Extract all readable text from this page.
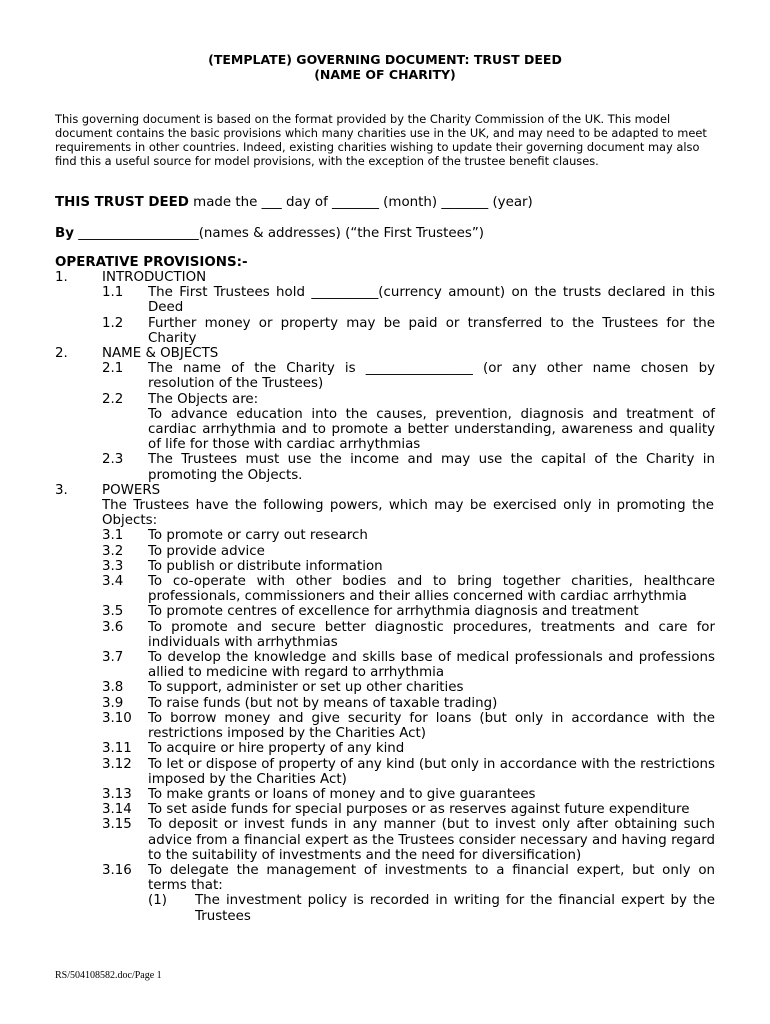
(TEMPLATE) GOVERNING DOCUMENT: TRUST DEED
(NAME OF CHARITY)

This governing document is based on the format provided by the Charity Commission of the UK. This model document contains the basic provisions which many charities use in the UK, and may need to be adapted to meet requirements in other countries. Indeed, existing charities wishing to update their governing document may also find this a useful source for model provisions, with the exception of the trustee benefit clauses.

THIS TRUST DEED made the ___ day of _______ (month) _______ (year)
By __________________(names & addresses) (“the First Trustees”)
OPERATIVE PROVISIONS:-
1.	INTRODUCTION
1.1 The First Trustees hold __________(currency amount) on the trusts declared in this Deed
1.2 Further money or property may be paid or transferred to the Trustees for the Charity
2.	NAME & OBJECTS
2.1 The name of the Charity is ________________ (or any other name chosen by resolution of the Trustees)
2.2 The Objects are:
To advance education into the causes, prevention, diagnosis and treatment of cardiac arrhythmia and to promote a better understanding, awareness and quality of life for those with cardiac arrhythmias
2.3 The Trustees must use the income and may use the capital of the Charity in promoting the Objects.
3.	POWERS
The Trustees have the following powers, which may be exercised only in promoting the Objects:
3.1 To promote or carry out research
3.2 To provide advice
3.3 To publish or distribute information
3.4 To co-operate with other bodies and to bring together charities, healthcare professionals, commissioners and their allies concerned with cardiac arrhythmia
3.5 To promote centres of excellence for arrhythmia diagnosis and treatment
3.6 To promote and secure better diagnostic procedures, treatments and care for individuals with arrhythmias
3.7 To develop the knowledge and skills base of medical professionals and professions allied to medicine with regard to arrhythmia
3.8 To support, administer or set up other charities
3.9 To raise funds (but not by means of taxable trading)
3.10 To borrow money and give security for loans (but only in accordance with the restrictions imposed by the Charities Act)
3.11 To acquire or hire property of any kind
3.12 To let or dispose of property of any kind (but only in accordance with the restrictions imposed by the Charities Act)
3.13 To make grants or loans of money and to give guarantees
3.14 To set aside funds for special purposes or as reserves against future expenditure
3.15 To deposit or invest funds in any manner (but to invest only after obtaining such advice from a financial expert as the Trustees consider necessary and having regard to the suitability of investments and the need for diversification)
3.16 To delegate the management of investments to a financial expert, but only on terms that:
(1) The investment policy is recorded in writing for the financial expert by the Trustees
RS/504108582.doc/Page 1
